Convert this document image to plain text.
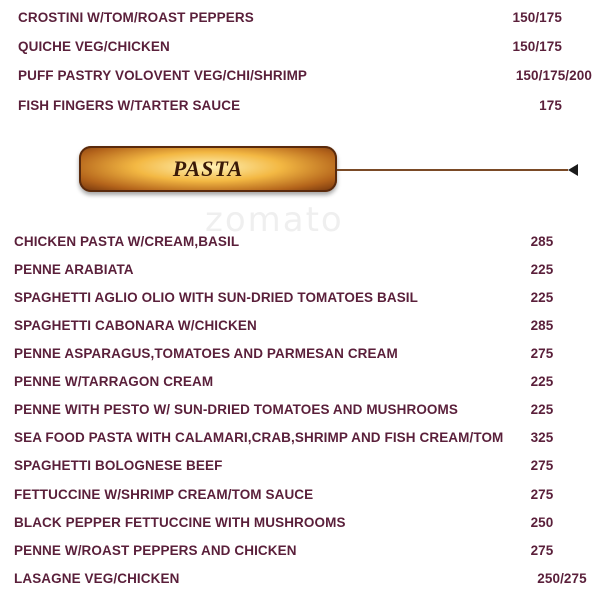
CROSTINI W/TOM/ROAST PEPPERS	150/175
QUICHE VEG/CHICKEN	150/175
PUFF PASTRY VOLOVENT VEG/CHI/SHRIMP	150/175/200
FISH FINGERS W/TARTER SAUCE	175
PASTA
zomato
CHICKEN PASTA W/CREAM,BASIL	285
PENNE ARABIATA	225
SPAGHETTI AGLIO OLIO WITH SUN-DRIED TOMATOES BASIL	225
SPAGHETTI CABONARA W/CHICKEN	285
PENNE ASPARAGUS,TOMATOES AND PARMESAN CREAM	275
PENNE W/TARRAGON CREAM	225
PENNE WITH PESTO W/ SUN-DRIED TOMATOES AND MUSHROOMS	225
SEA FOOD PASTA WITH CALAMARI,CRAB,SHRIMP AND FISH CREAM/TOM	325
SPAGHETTI BOLOGNESE BEEF	275
FETTUCCINE W/SHRIMP CREAM/TOM SAUCE	275
BLACK PEPPER FETTUCCINE WITH MUSHROOMS	250
PENNE W/ROAST PEPPERS AND CHICKEN	275
LASAGNE VEG/CHICKEN	250/275
